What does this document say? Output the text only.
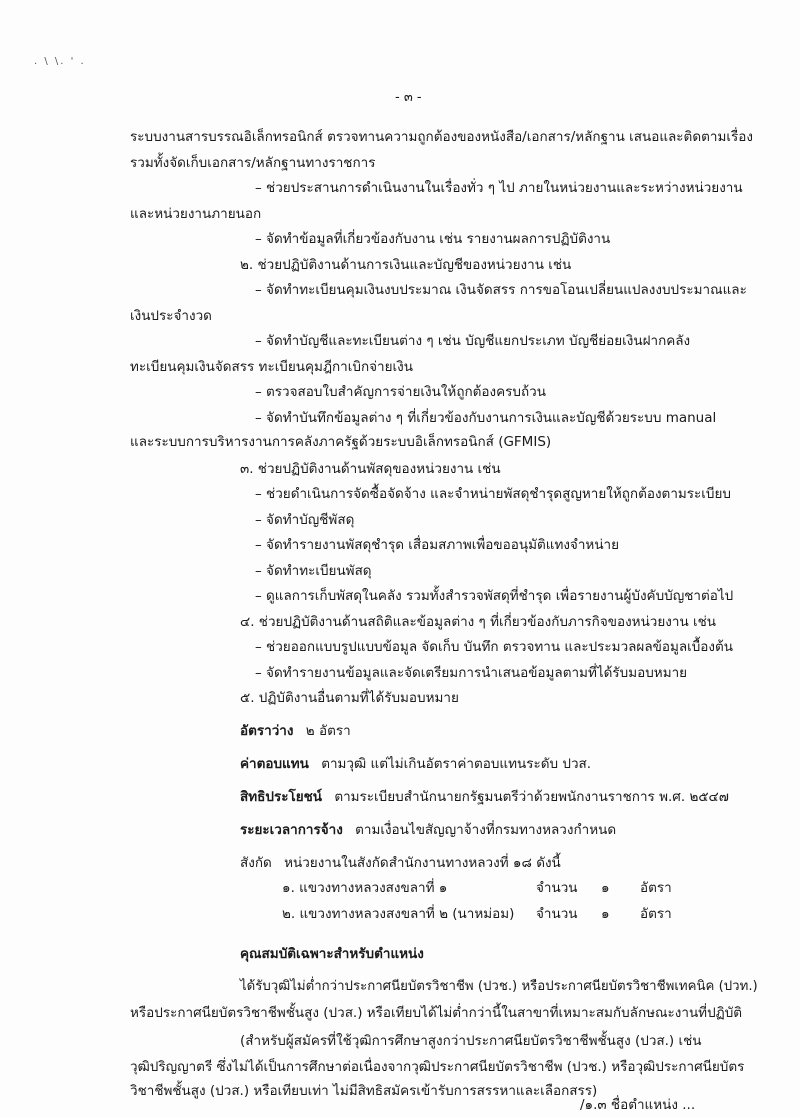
. \ \. ' .
- ๓ -
ระบบงานสารบรรณอิเล็กทรอนิกส์ ตรวจทานความถูกต้องของหนังสือ/เอกสาร/หลักฐาน เสนอและติดตามเรื่อง
รวมทั้งจัดเก็บเอกสาร/หลักฐานทางราชการ
– ช่วยประสานการดำเนินงานในเรื่องทั่ว ๆ ไป ภายในหน่วยงานและระหว่างหน่วยงาน
และหน่วยงานภายนอก
– จัดทำข้อมูลที่เกี่ยวข้องกับงาน เช่น รายงานผลการปฏิบัติงาน
๒. ช่วยปฏิบัติงานด้านการเงินและบัญชีของหน่วยงาน เช่น
– จัดทำทะเบียนคุมเงินงบประมาณ เงินจัดสรร การขอโอนเปลี่ยนแปลงงบประมาณและ
เงินประจำงวด
– จัดทำบัญชีและทะเบียนต่าง ๆ เช่น บัญชีแยกประเภท บัญชีย่อยเงินฝากคลัง
ทะเบียนคุมเงินจัดสรร ทะเบียนคุมฎีกาเบิกจ่ายเงิน
– ตรวจสอบใบสำคัญการจ่ายเงินให้ถูกต้องครบถ้วน
– จัดทำบันทึกข้อมูลต่าง ๆ ที่เกี่ยวข้องกับงานการเงินและบัญชีด้วยระบบ manual
และระบบการบริหารงานการคลังภาครัฐด้วยระบบอิเล็กทรอนิกส์ (GFMIS)
๓. ช่วยปฏิบัติงานด้านพัสดุของหน่วยงาน เช่น
– ช่วยดำเนินการจัดซื้อจัดจ้าง และจำหน่ายพัสดุชำรุดสูญหายให้ถูกต้องตามระเบียบ
– จัดทำบัญชีพัสดุ
– จัดทำรายงานพัสดุชำรุด เสื่อมสภาพเพื่อขออนุมัติแทงจำหน่าย
– จัดทำทะเบียนพัสดุ
– ดูแลการเก็บพัสดุในคลัง รวมทั้งสำรวจพัสดุที่ชำรุด เพื่อรายงานผู้บังคับบัญชาต่อไป
๔. ช่วยปฏิบัติงานด้านสถิติและข้อมูลต่าง ๆ ที่เกี่ยวข้องกับภารกิจของหน่วยงาน เช่น
– ช่วยออกแบบรูปแบบข้อมูล จัดเก็บ บันทึก ตรวจทาน และประมวลผลข้อมูลเบื้องต้น
– จัดทำรายงานข้อมูลและจัดเตรียมการนำเสนอข้อมูลตามที่ได้รับมอบหมาย
๕. ปฏิบัติงานอื่นตามที่ได้รับมอบหมาย
อัตราว่าง ๒ อัตรา
ค่าตอบแทน ตามวุฒิ แต่ไม่เกินอัตราค่าตอบแทนระดับ ปวส.
สิทธิประโยชน์ ตามระเบียบสำนักนายกรัฐมนตรีว่าด้วยพนักงานราชการ พ.ศ. ๒๕๔๗
ระยะเวลาการจ้าง ตามเงื่อนไขสัญญาจ้างที่กรมทางหลวงกำหนด
สังกัด หน่วยงานในสังกัดสำนักงานทางหลวงที่ ๑๘ ดังนี้
๑. แขวงทางหลวงสงขลาที่ ๑	จำนวน ๑ อัตรา
๒. แขวงทางหลวงสงขลาที่ ๒ (นาหม่อม) จำนวน ๑ อัตรา
คุณสมบัติเฉพาะสำหรับตำแหน่ง
ได้รับวุฒิไม่ต่ำกว่าประกาศนียบัตรวิชาชีพ (ปวช.) หรือประกาศนียบัตรวิชาชีพเทคนิค (ปวท.)
หรือประกาศนียบัตรวิชาชีพชั้นสูง (ปวส.) หรือเทียบได้ไม่ต่ำกว่านี้ในสาขาที่เหมาะสมกับลักษณะงานที่ปฏิบัติ
(สำหรับผู้สมัครที่ใช้วุฒิการศึกษาสูงกว่าประกาศนียบัตรวิชาชีพชั้นสูง (ปวส.) เช่น
วุฒิปริญญาตรี ซึ่งไม่ได้เป็นการศึกษาต่อเนื่องจากวุฒิประกาศนียบัตรวิชาชีพ (ปวช.) หรือวุฒิประกาศนียบัตร
วิชาชีพชั้นสูง (ปวส.) หรือเทียบเท่า ไม่มีสิทธิสมัครเข้ารับการสรรหาและเลือกสรร)
/๑.๓ ชื่อตำแหน่ง ...
